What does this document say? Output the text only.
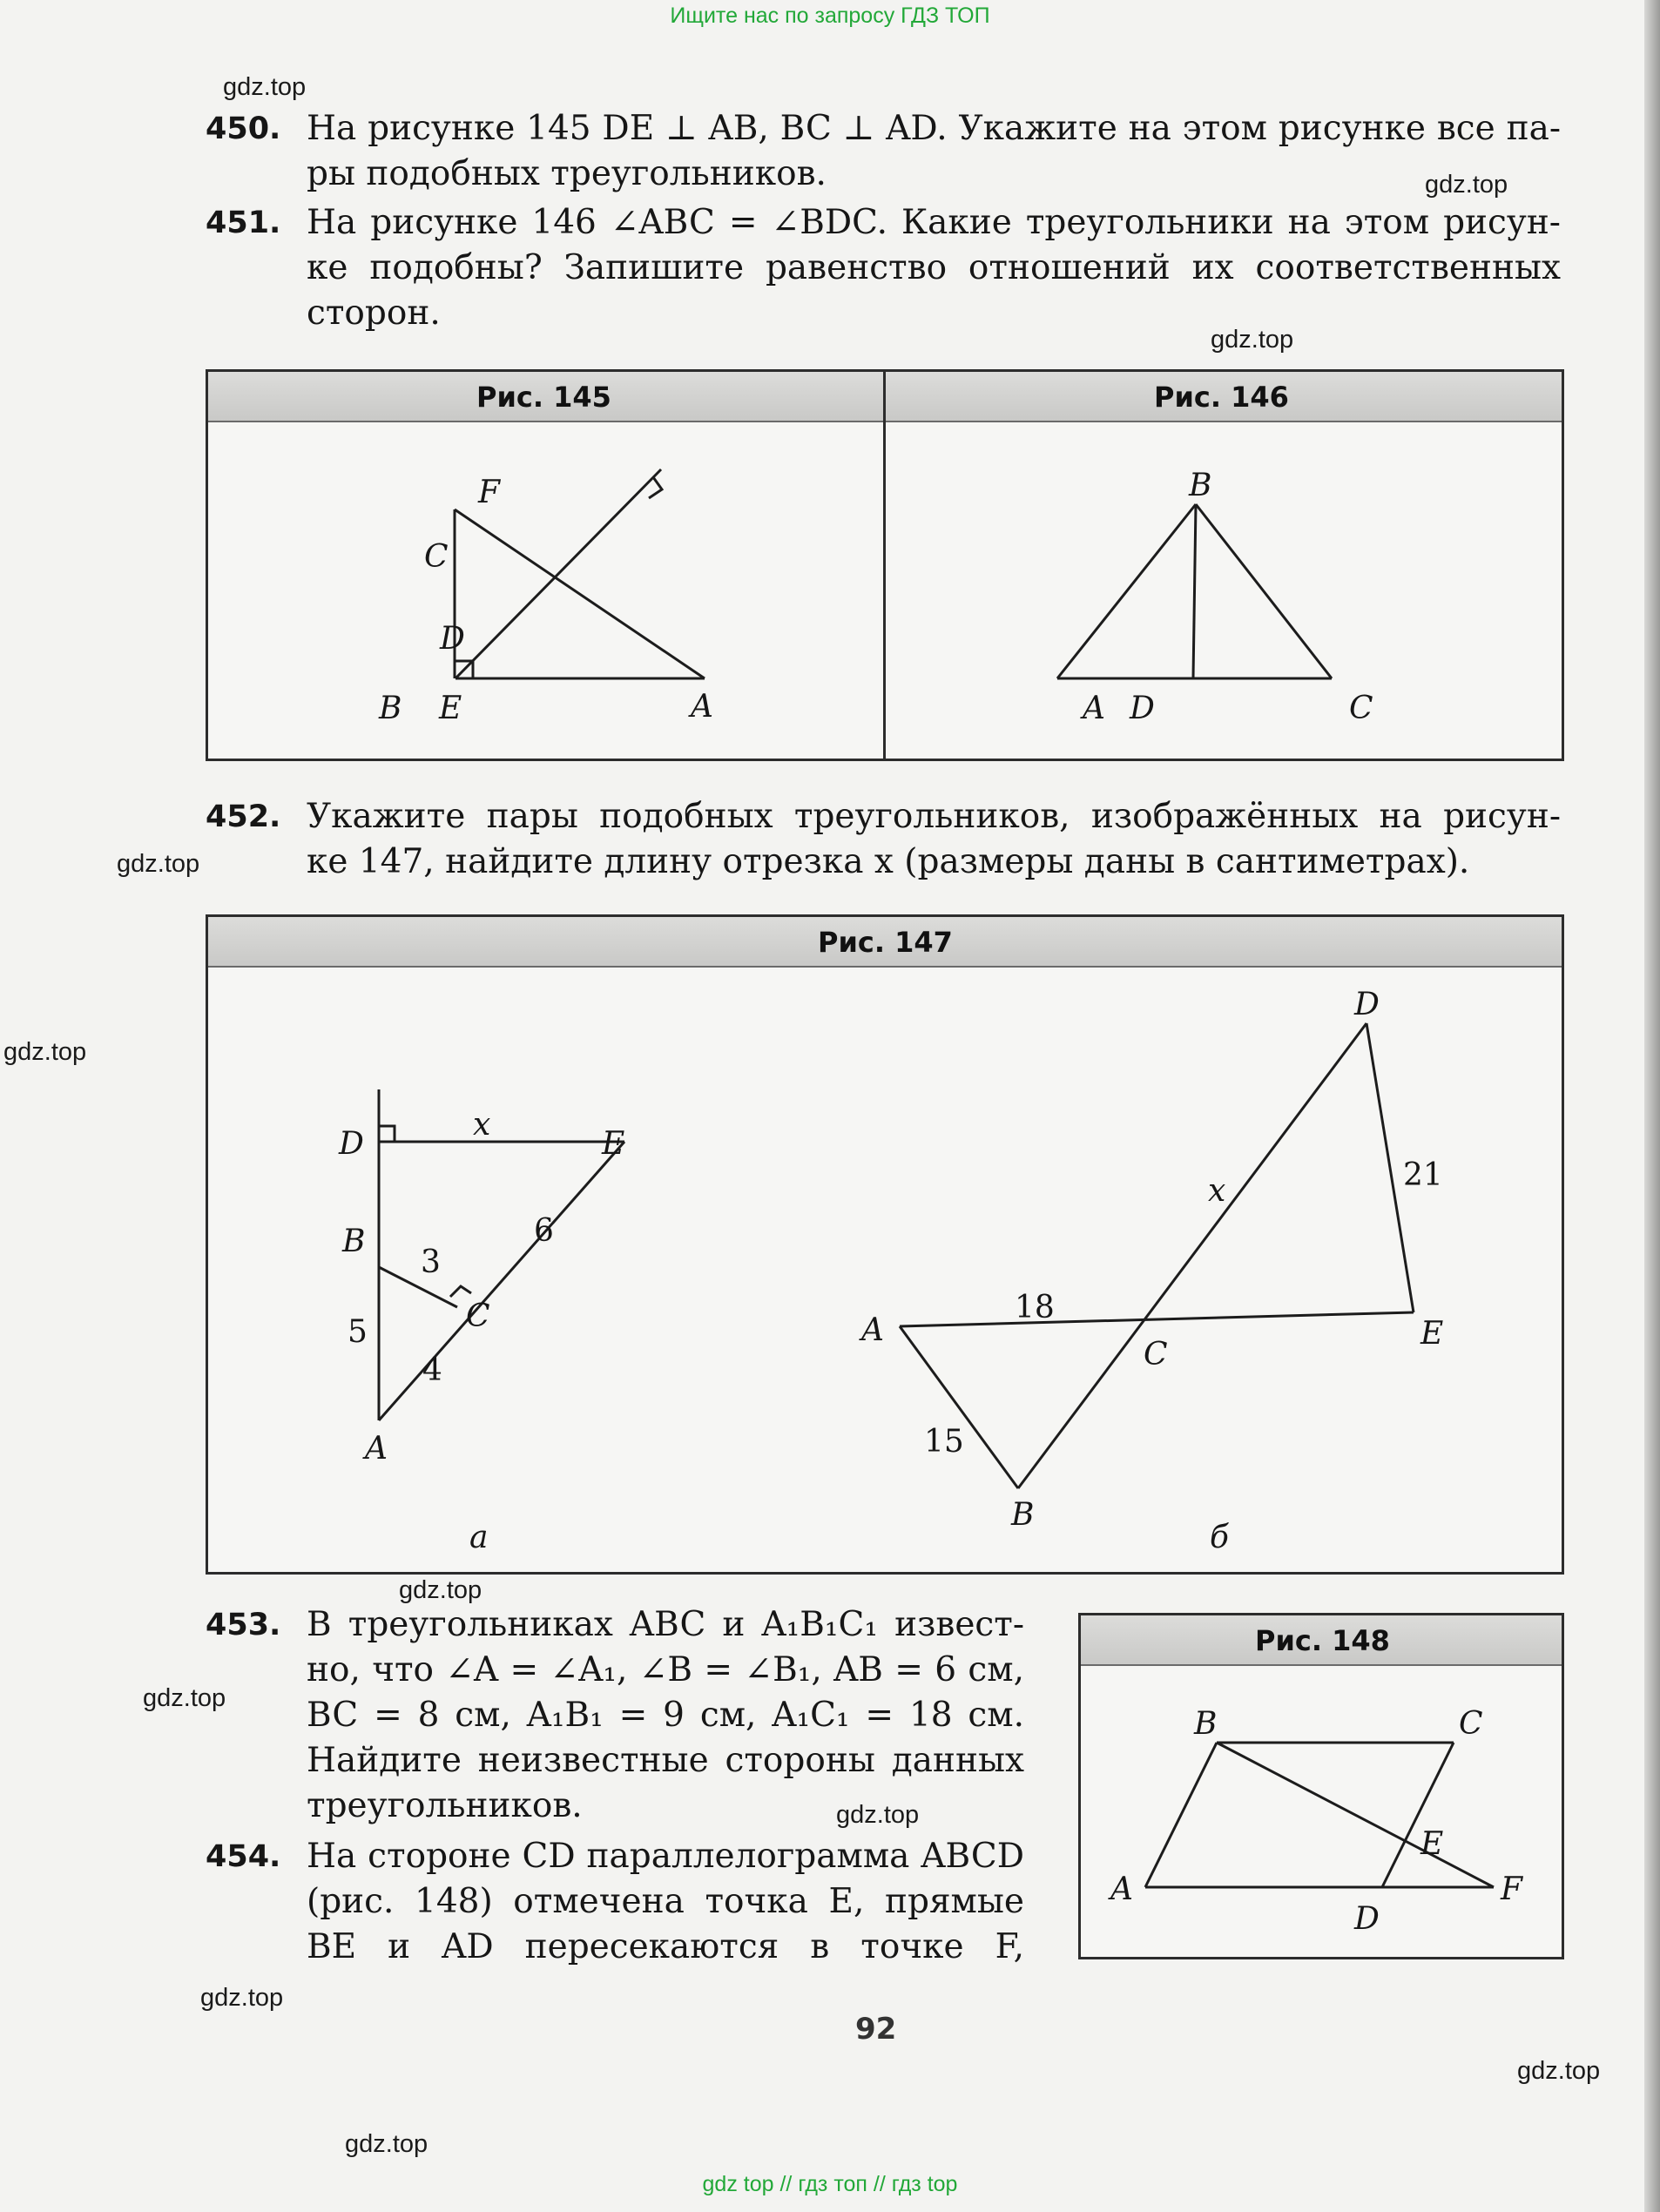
Ищите нас по запросу ГДЗ ТОП
gdz.top
gdz.top
gdz.top
gdz.top
gdz.top
gdz.top
gdz.top
gdz.top
gdz.top
gdz.top
gdz.top
450. На рисунке 145 DE ⊥ AB, BC ⊥ AD. Укажите на этом рисунке все па-
ры подобных треугольников.
451. На рисунке 146 ∠ABC = ∠BDC. Какие треугольники на этом рисун-
ке подобны? Запишите равенство отношений их соответственных
сторон.
Рис. 145	Рис. 146
D
F
C
B E	A
B
A D	C
452. Укажите пары подобных треугольников, изображённых на рисун-
ке 147, найдите длину отрезка x (размеры даны в сантиметрах).
Рис. 147
D
x
E
B
5
3
6
C
4
A
а
D
21
x
18
A
C
E
15
B
б
453. В треугольниках ABC и A₁B₁C₁ извест-
но, что ∠A = ∠A₁, ∠B = ∠B₁, AB = 6 см,
BC = 8 см, A₁B₁ = 9 см, A₁C₁ = 18 см.
Найдите неизвестные стороны данных
треугольников.
454. На стороне CD параллелограмма ABCD
(рис. 148) отмечена точка E, прямые
BE и AD пересекаются в точке F,
Рис. 148
B	C
E
A
D
F
92
gdz top // гдз топ // гдз top
